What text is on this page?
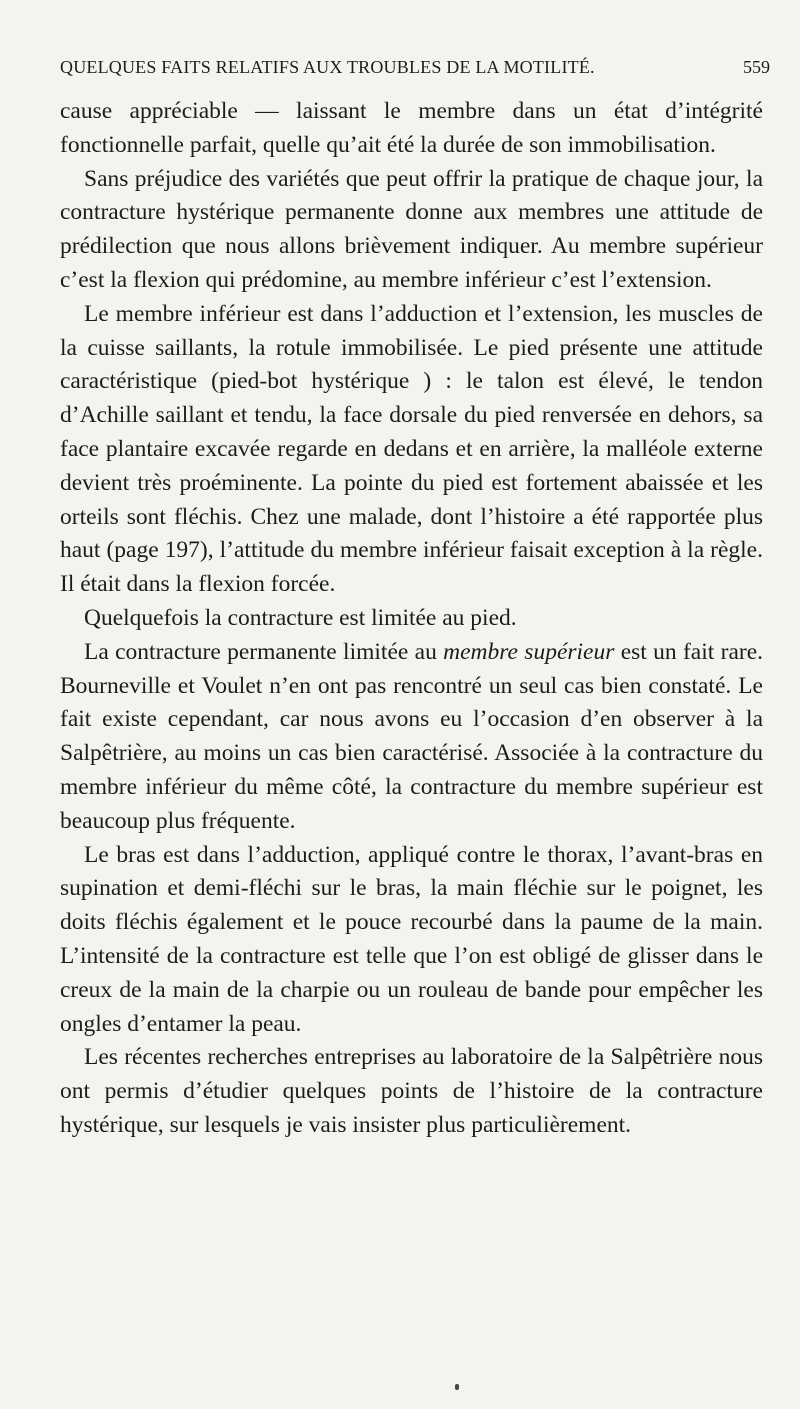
QUELQUES FAITS RELATIFS AUX TROUBLES DE LA MOTILITÉ.	559

cause appréciable — laissant le membre dans un état d’intégrité fonctionnelle parfait, quelle qu’ait été la durée de son immobilisation.

Sans préjudice des variétés que peut offrir la pratique de chaque jour, la contracture hystérique permanente donne aux membres une attitude de prédilection que nous allons brièvement indiquer. Au membre supérieur c’est la flexion qui prédomine, au membre inférieur c’est l’extension.

Le membre inférieur est dans l’adduction et l’extension, les muscles de la cuisse saillants, la rotule immobilisée. Le pied présente une attitude caractéristique (pied-bot hystérique ) : le talon est élevé, le tendon d’Achille saillant et tendu, la face dorsale du pied renversée en dehors, sa face plantaire excavée regarde en dedans et en arrière, la malléole externe devient très proéminente. La pointe du pied est fortement abaissée et les orteils sont fléchis. Chez une malade, dont l’histoire a été rapportée plus haut (page 197), l’attitude du membre inférieur faisait exception à la règle. Il était dans la flexion forcée.

Quelquefois la contracture est limitée au pied.

La contracture permanente limitée au membre supérieur est un fait rare. Bourneville et Voulet n’en ont pas rencontré un seul cas bien constaté. Le fait existe cependant, car nous avons eu l’occasion d’en observer à la Salpêtrière, au moins un cas bien caractérisé. Associée à la contracture du membre inférieur du même côté, la contracture du membre supérieur est beaucoup plus fréquente.

Le bras est dans l’adduction, appliqué contre le thorax, l’avant-bras en supination et demi-fléchi sur le bras, la main fléchie sur le poignet, les doits fléchis également et le pouce recourbé dans la paume de la main. L’intensité de la contracture est telle que l’on est obligé de glisser dans le creux de la main de la charpie ou un rouleau de bande pour empêcher les ongles d’entamer la peau.

Les récentes recherches entreprises au laboratoire de la Salpêtrière nous ont permis d’étudier quelques points de l’histoire de la contracture hystérique, sur lesquels je vais insister plus particulièrement.
